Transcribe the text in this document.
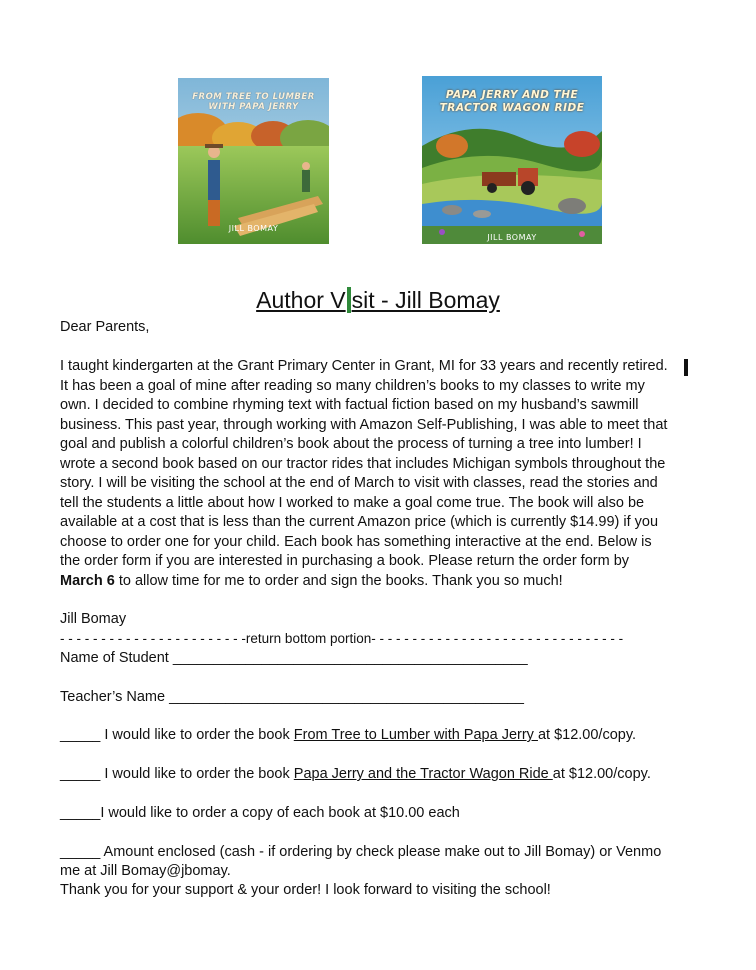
FROM TREE TO LUMBER
WITH PAPA JERRY
JILL BOMAY
PAPA JERRY AND THE
TRACTOR WAGON RIDE
JILL BOMAY
Author V sit - Jill Bomay
Dear Parents,
I taught kindergarten at the Grant Primary Center in Grant, MI for 33 years and recently retired.
It has been a goal of mine after reading so many children’s books to my classes to write my
own. I decided to combine rhyming text with factual fiction based on my husband’s sawmill
business. This past year, through working with Amazon Self-Publishing, I was able to meet that
goal and publish a colorful children’s book about the process of turning a tree into lumber! I
wrote a second book based on our tractor rides that includes Michigan symbols throughout the
story. I will be visiting the school at the end of March to visit with classes, read the stories and
tell the students a little about how I worked to make a goal come true. The book will also be
available at a cost that is less than the current Amazon price (which is currently $14.99) if you
choose to order one for your child. Each book has something interactive at the end. Below is
the order form if you are interested in purchasing a book. Please return the order form by
March 6 to allow time for me to order and sign the books. Thank you so much!
Jill Bomay
- - - - - - - - - - - - - - - - - - - - - - -return bottom portion- - - - - - - - - - - - - - - - - - - - - - - - - - - - - - -
Name of Student ____________________________________________
Teacher’s Name ____________________________________________
_____ I would like to order the book From Tree to Lumber with Papa Jerry at $12.00/copy.
_____ I would like to order the book Papa Jerry and the Tractor Wagon Ride at $12.00/copy.
_____I would like to order a copy of each book at $10.00 each
_____ Amount enclosed (cash - if ordering by check please make out to Jill Bomay) or Venmo
me at Jill Bomay@jbomay.
Thank you for your support & your order! I look forward to visiting the school!
